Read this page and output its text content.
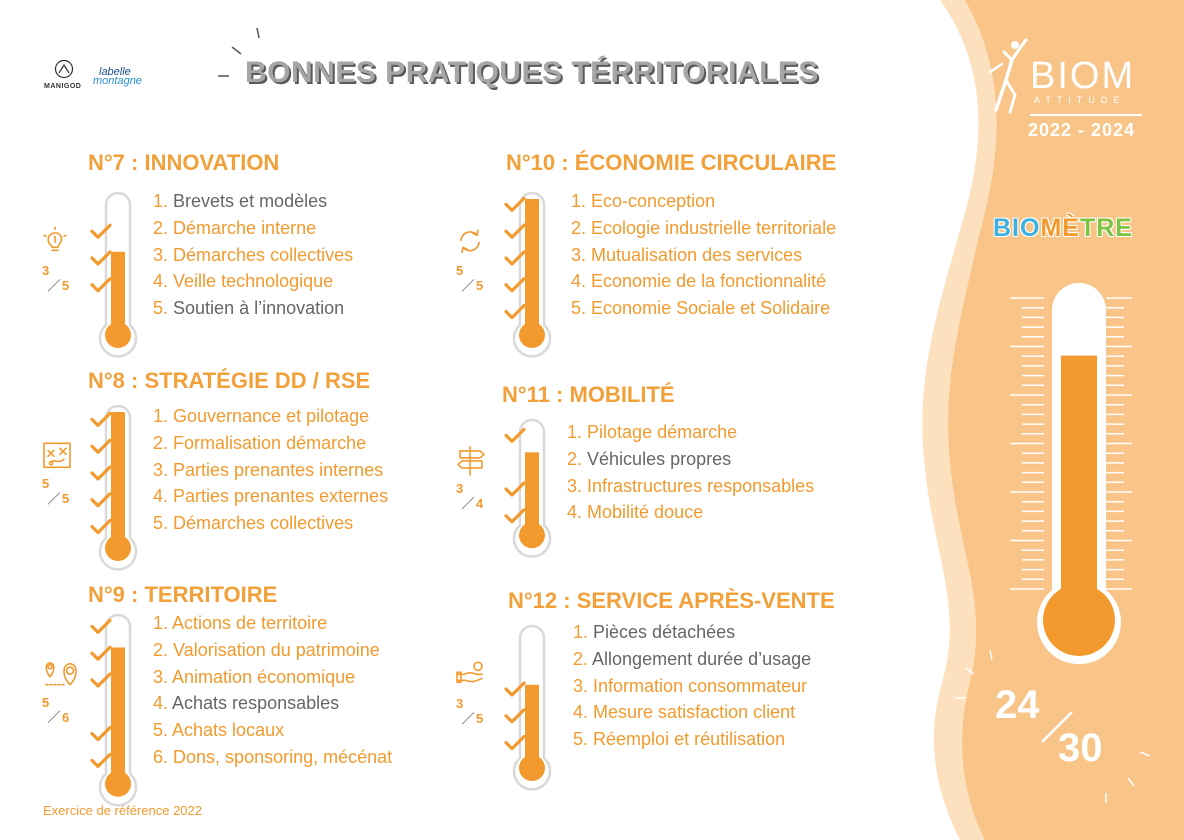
MANIGOD
labelle
montagne	BONNES PRATIQUES TÉRRITORIALES
N°7 : INNOVATION
1. Brevets et modèles
2. Démarche interne
3. Démarches collectives
4. Veille technologique
5. Soutien à l’innovation
3
5
N°8 : STRATÉGIE DD / RSE
1. Gouvernance et pilotage
2. Formalisation démarche
3. Parties prenantes internes
4. Parties prenantes externes
5. Démarches collectives
5
5
N°9 : TERRITOIRE
1. Actions de territoire
2. Valorisation du patrimoine
3. Animation économique
4. Achats responsables
5. Achats locaux
6. Dons, sponsoring, mécénat
5
6
N°10 : ÉCONOMIE CIRCULAIRE
1. Eco-conception
2. Ecologie industrielle territoriale
3. Mutualisation des services
4. Economie de la fonctionnalité
5. Economie Sociale et Solidaire
5
5
N°11 : MOBILITÉ
1. Pilotage démarche
2. Véhicules propres
3. Infrastructures responsables
4. Mobilité douce
3
4
N°12 : SERVICE APRÈS-VENTE
1. Pièces détachées
2. Allongement durée d’usage
3. Information consommateur
4. Mesure satisfaction client
5. Réemploi et réutilisation
3
5
BIOM
ATTITUDE
2022 - 2024
BIOMÈTRE
24
30
Exercice de référence 2022
